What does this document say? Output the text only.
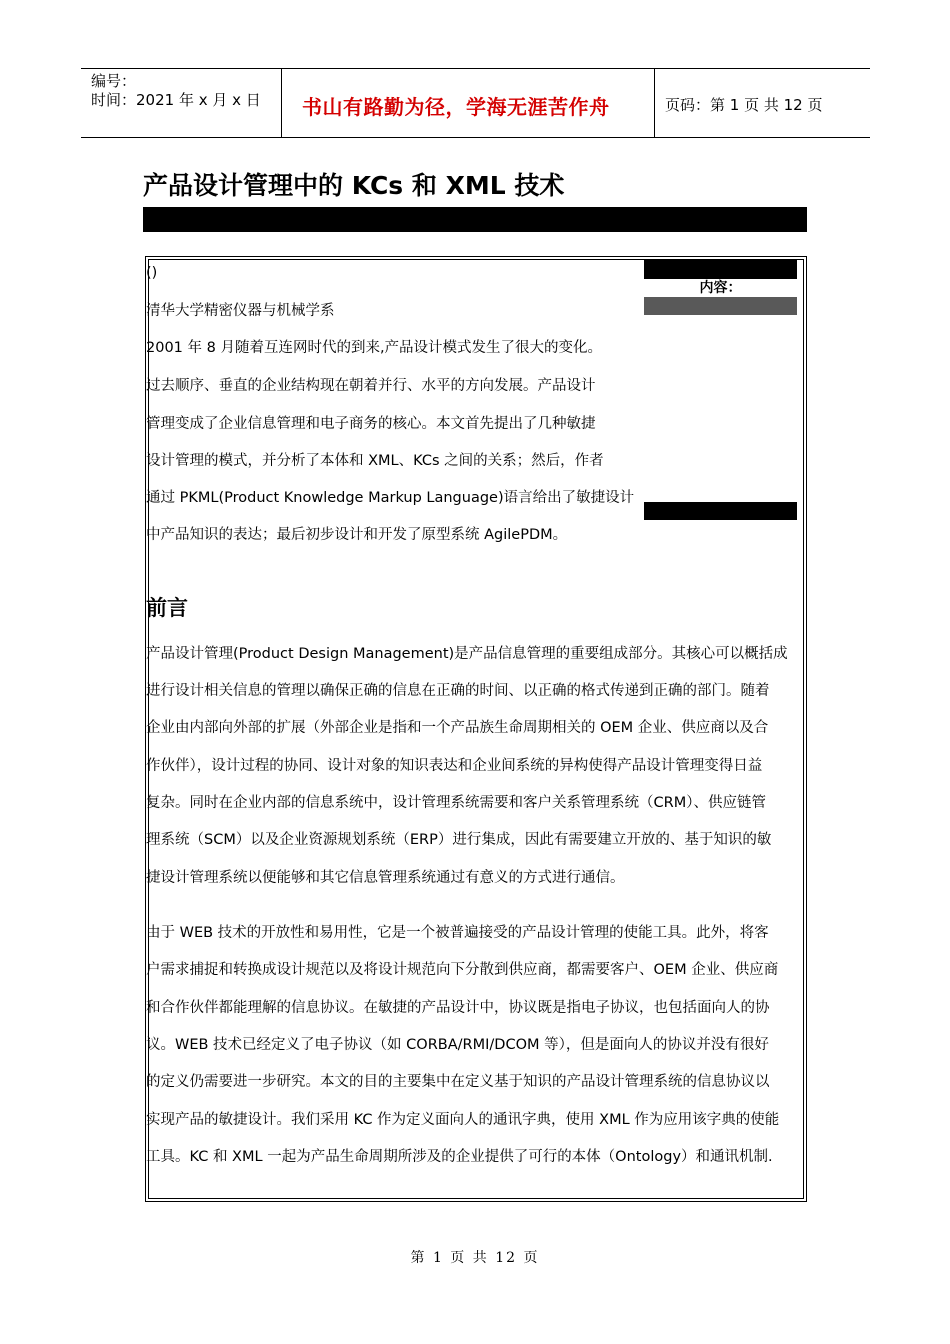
编号：
时间：2021 年 x 月 x 日 书山有路勤为径，学海无涯苦作舟	页码：第 1 页 共 12 页
产品设计管理中的 KCs 和 XML 技术
内容：
()
清华大学精密仪器与机械学系
2001 年 8 月随着互连网时代的到来,产品设计模式发生了很大的变化。
过去顺序、垂直的企业结构现在朝着并行、水平的方向发展。产品设计
管理变成了企业信息管理和电子商务的核心。本文首先提出了几种敏捷
设计管理的模式，并分析了本体和 XML、KCs 之间的关系；然后，作者
通过 PKML(Product Knowledge Markup Language)语言给出了敏捷设计
中产品知识的表达；最后初步设计和开发了原型系统 AgilePDM。
前言
产品设计管理(Product Design Management)是产品信息管理的重要组成部分。其核心可以概括成
进行设计相关信息的管理以确保正确的信息在正确的时间、以正确的格式传递到正确的部门。随着
企业由内部向外部的扩展（外部企业是指和一个产品族生命周期相关的 OEM 企业、供应商以及合
作伙伴），设计过程的协同、设计对象的知识表达和企业间系统的异构使得产品设计管理变得日益
复杂。同时在企业内部的信息系统中，设计管理系统需要和客户关系管理系统（CRM）、供应链管
理系统（SCM）以及企业资源规划系统（ERP）进行集成，因此有需要建立开放的、基于知识的敏
捷设计管理系统以便能够和其它信息管理系统通过有意义的方式进行通信。
由于 WEB 技术的开放性和易用性，它是一个被普遍接受的产品设计管理的使能工具。此外，将客
户需求捕捉和转换成设计规范以及将设计规范向下分散到供应商，都需要客户、OEM 企业、供应商
和合作伙伴都能理解的信息协议。在敏捷的产品设计中，协议既是指电子协议，也包括面向人的协
议。WEB 技术已经定义了电子协议（如 CORBA/RMI/DCOM 等），但是面向人的协议并没有很好
的定义仍需要进一步研究。本文的目的主要集中在定义基于知识的产品设计管理系统的信息协议以
实现产品的敏捷设计。我们采用 KC 作为定义面向人的通讯字典，使用 XML 作为应用该字典的使能
工具。KC 和 XML 一起为产品生命周期所涉及的企业提供了可行的本体（Ontology）和通讯机制.
第 1 页 共 12 页
